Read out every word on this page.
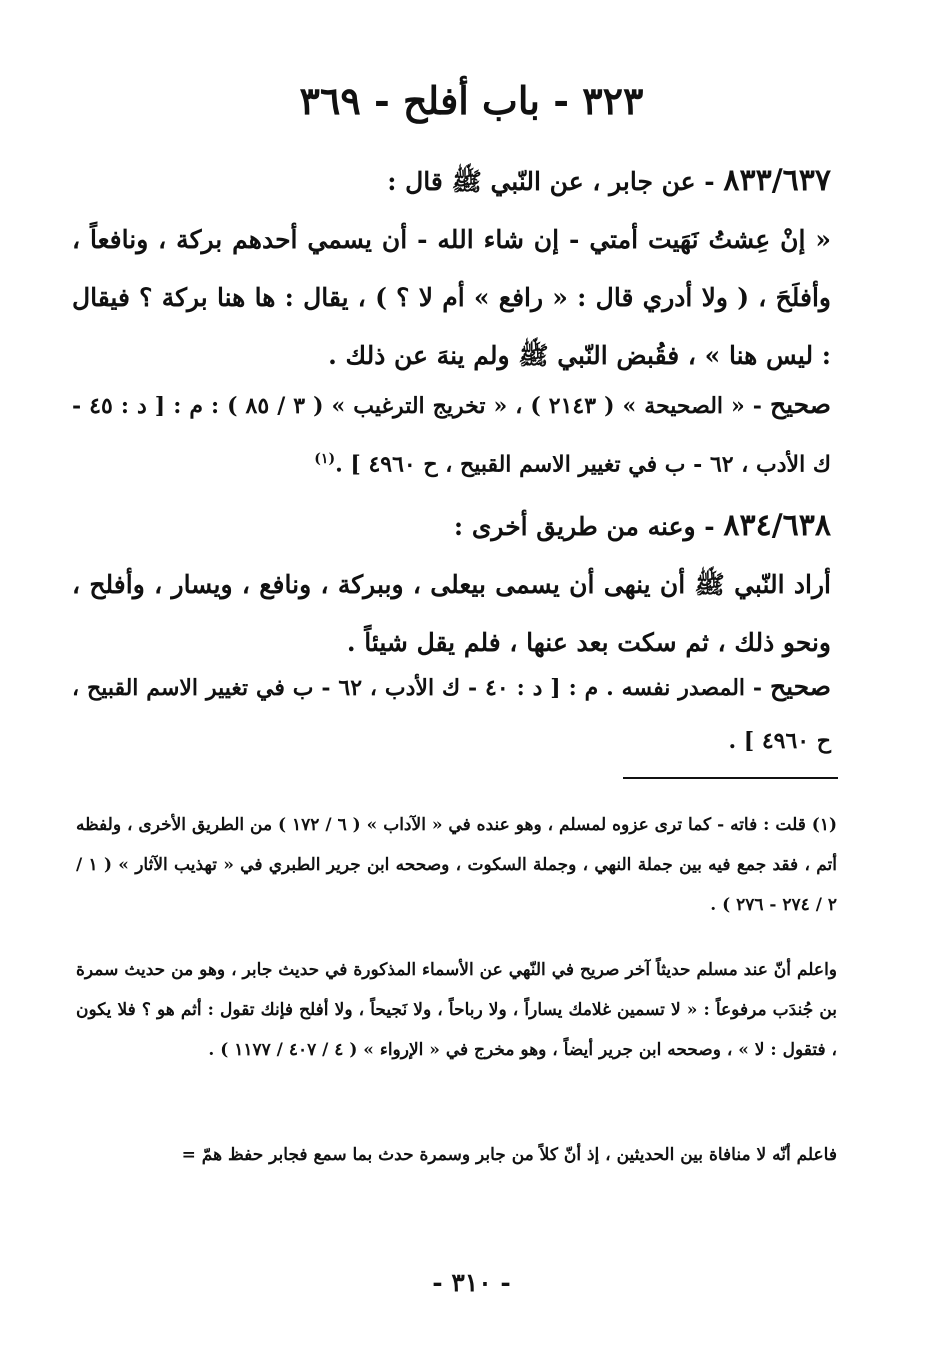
٣٢٣ - باب أفلح - ٣٦٩

٨٣٣/٦٣٧ - عن جابر ، عن النّبي ﷺ قال :
« إنْ عِشتُ نَهَيت أمتي - إن شاء الله - أن يسمي أحدهم بركة ، ونافعاً ، وأفلَحَ ، ( ولا أدري قال : « رافع » أم لا ؟ ) ، يقال : ها هنا بركة ؟ فيقال : ليس هنا » ، فقُبض النّبي ﷺ ولم ينهَ عن ذلك .

صحيح - « الصحيحة » ( ٢١٤٣ ) ، « تخريج الترغيب » ( ٣ / ٨٥ ) : م : [ د : ٤٥ - ك الأدب ، ٦٢ - ب في تغيير الاسم القبيح ، ح ٤٩٦٠ ] .$^{(١)}$

٨٣٤/٦٣٨ - وعنه من طريق أخرى :
أراد النّبي ﷺ أن ينهى أن يسمى بيعلى ، وببركة ، ونافع ، ويسار ، وأفلح ، ونحو ذلك ، ثم سكت بعد عنها ، فلم يقل شيئاً .

صحيح - المصدر نفسه . م : [ د : ٤٠ - ك الأدب ، ٦٢ - ب في تغيير الاسم القبيح ، ح ٤٩٦٠ ] .

(١) قلت : فاته - كما ترى عزوه لمسلم ، وهو عنده في « الآداب » ( ٦ / ١٧٢ ) من الطريق الأخرى ، ولفظه أتم ، فقد جمع فيه بين جملة النهي ، وجملة السكوت ، وصححه ابن جرير الطبري في « تهذيب الآثار » ( ١ / ٢ / ٢٧٤ - ٢٧٦ ) .

واعلم أنّ عند مسلم حديثاً آخر صريح في النّهي عن الأسماء المذكورة في حديث جابر ، وهو من حديث سمرة بن جُندَب مرفوعاً : « لا تسمين غلامك يساراً ، ولا رباحاً ، ولا نَجيحاً ، ولا أفلح فإنك تقول : أثم هو ؟ فلا يكون ، فتقول : لا » ، وصححه ابن جرير أيضاً ، وهو مخرج في « الإرواء » ( ٤ / ٤٠٧ / ١١٧٧ ) .

فاعلم أنّه لا منافاة بين الحديثين ، إذ أنّ كلاً من جابر وسمرة حدث بما سمع فجابر حفظ همّ =

- ٣١٠ -
